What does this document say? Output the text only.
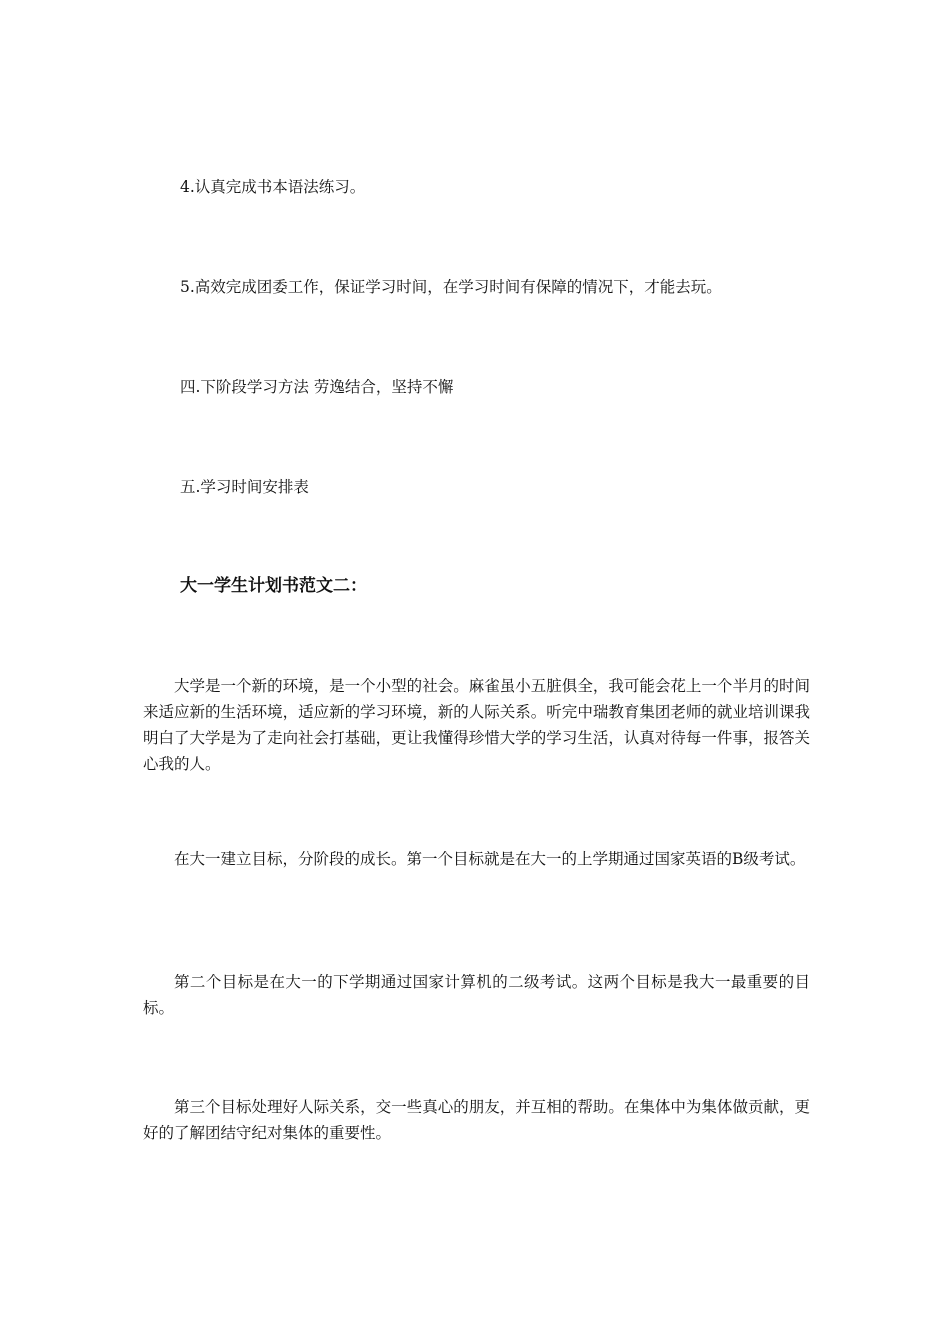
4.认真完成书本语法练习。
5.高效完成团委工作，保证学习时间，在学习时间有保障的情况下，才能去玩。
四.下阶段学习方法 劳逸结合，坚持不懈
五.学习时间安排表
大一学生计划书范文二：
大学是一个新的环境，是一个小型的社会。麻雀虽小五脏俱全，我可能会花上一个半月的时间来适应新的生活环境，适应新的学习环境，新的人际关系。听完中瑞教育集团老师的就业培训课我明白了大学是为了走向社会打基础，更让我懂得珍惜大学的学习生活，认真对待每一件事，报答关心我的人。
在大一建立目标，分阶段的成长。第一个目标就是在大一的上学期通过国家英语的B级考试。
第二个目标是在大一的下学期通过国家计算机的二级考试。这两个目标是我大一最重要的目标。
第三个目标处理好人际关系，交一些真心的朋友，并互相的帮助。在集体中为集体做贡献，更好的了解团结守纪对集体的重要性。
